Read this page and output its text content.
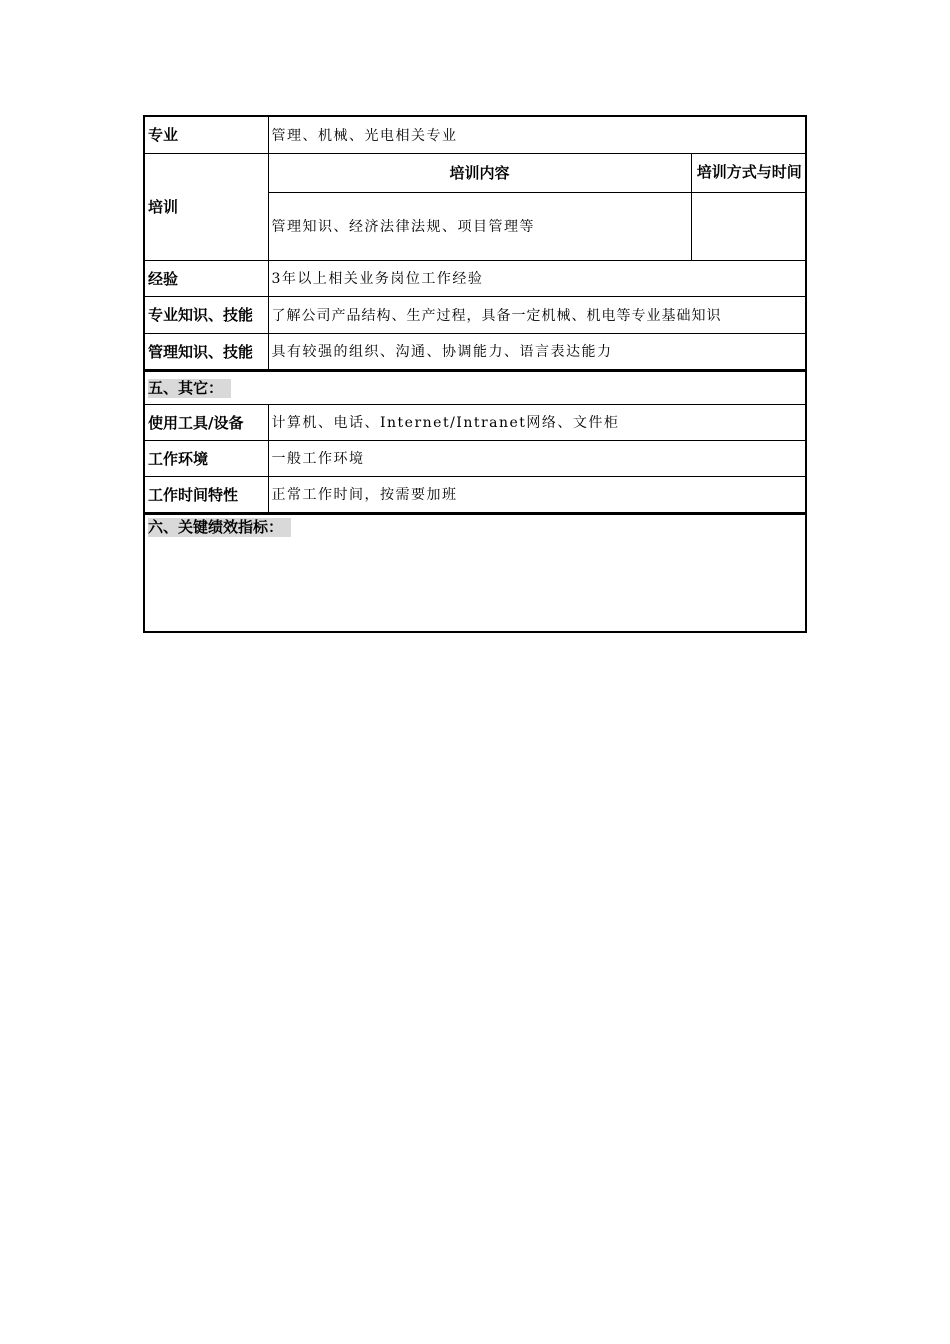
专业	管理、机械、光电相关专业	
培训	培训内容	培训方式与时间
	管理知识、经济法律法规、项目管理等	
经验	3年以上相关业务岗位工作经验	
专业知识、技能	了解公司产品结构、生产过程，具备一定机械、机电等专业基础知识	
管理知识、技能	具有较强的组织、沟通、协调能力、语言表达能力	
五、其它：
使用工具/设备	计算机、电话、Internet/Intranet网络、文件柜
工作环境	一般工作环境
工作时间特性	正常工作时间，按需要加班
六、关键绩效指标：
